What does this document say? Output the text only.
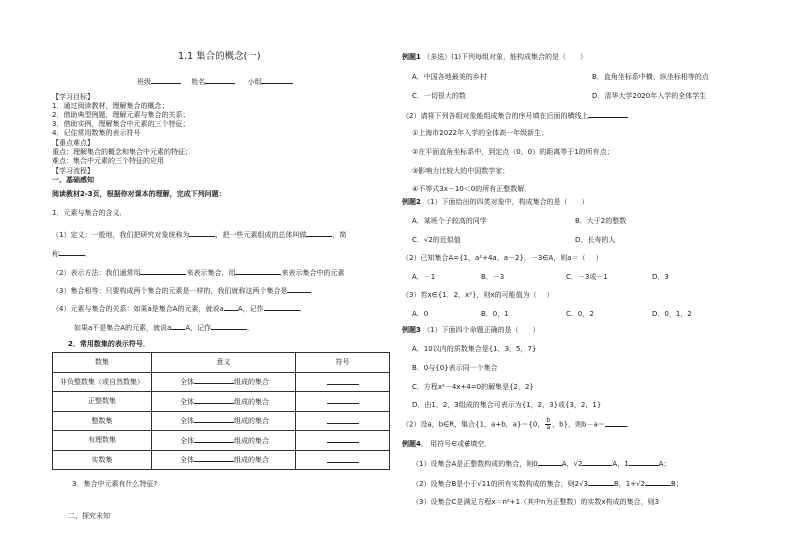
1.1 集合的概念(一)
班级	姓名	小组
【学习目标】
1．通过阅读教材，理解集合的概念；
2．借助典型例题，理解元素与集合的关系；
3．借助实例，理解集合中元素的三个特征；
4．记住常用数集的表示符号
【重点难点】
重点：理解集合的概念和集合中元素的特征；
难点：集合中元素的三个特征的应用
【学习流程】
一、基础感知
阅读教材2-3页，根据你对课本的理解，完成下列问题：
1．元素与集合的含义．
（1）定义：一般地，我们把研究对象统称为	，把一些元素组成的总体叫做	，简
称	．
（2）表示方法：我们通常用	来表示集合，用	来表示集合中的元素
（3）集合相等：只要构成两个集合的元素是一样的，我们就称这两个集合是
（4）元素与集合的关系：如果a是集合A的元素，就说a A，记作	．
如果a不是集合A的元素，就说a A，记作	．
2．常用数集的表示符号．
数集	意义	符号
非负整数集（或自然数集）	全体 组成的集合	
正整数集	全体 组成的集合	
整数集	全体 组成的集合	
有理数集	全体 组成的集合	
实数集	全体 组成的集合	
3．集合中元素有什么特征?
二、探究未知
例题1 （多选）(1)下列每组对象，能构成集合的是（ ）
A．中国各地最美的乡村	B．直角坐标系中横、纵坐标相等的点
C．一切很大的数	D．清华大学2020年入学的全体学生
（2）请将下列各组对象能组成集合的序号填在后面的横线上
①上海市2022年入学的全体高一年级新生；
②在平面直角坐标系中，到定点（0，0）的距离等于1的所有点；
③影响力比较大的中国数学家；
④不等式3x－10＜0的所有正整数解．
例题2 （1）下面给出的四类对象中，构成集合的是（ ）
A．某班个子较高的同学	B．大于2的整数
C．√2的近似值	D．长寿的人
（2）已知集合A={1，a²+4a，a－2}，－3∈A，则a＝（ ）
A．－1	B．－3	C．－3或－1	D．3
（3）若x∈{1，2，x²}，则x的可能值为（ ）
A．0	B．0，1	C．0，2	D．0，1，2
例题3 （1）下面四个命题正确的是（ ）
A．10以内的质数集合是{1，3，5，7}
B．0与{0}表示同一个集合
C．方程x²－4x+4=0的解集是{2，2}
D．由1，2，3组成的集合可表示为{1，2，3}或{3，2，1}
（2）设a，b∈R，集合{1，a+b，a}＝{0， $\frac{b}{a}$ ，b}，则b－a＝	．
例题4． 用符号∈或∉填空．
（1）设集合A是正整数构成的集合，则0	A，√2	A，1	A；
（2）设集合B是小于√11的所有实数构成的集合，则2√3	B，1+√2	B；
（3）设集合C是满足方程x＝n²+1（其中n为正整数）的实数x构成的集合，则3
